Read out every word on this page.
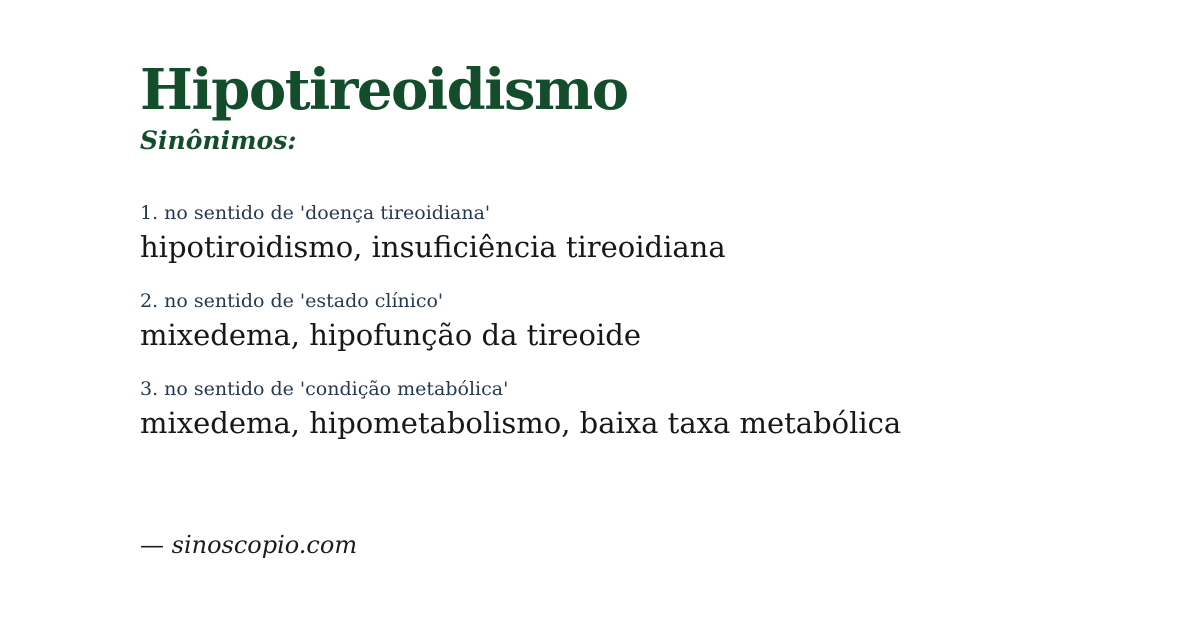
Hipotireoidismo
Sinônimos:
1. no sentido de 'doença tireoidiana'
hipotiroidismo, insuficiência tireoidiana
2. no sentido de 'estado clínico'
mixedema, hipofunção da tireoide
3. no sentido de 'condição metabólica'
mixedema, hipometabolismo, baixa taxa metabólica
— sinoscopio.com
